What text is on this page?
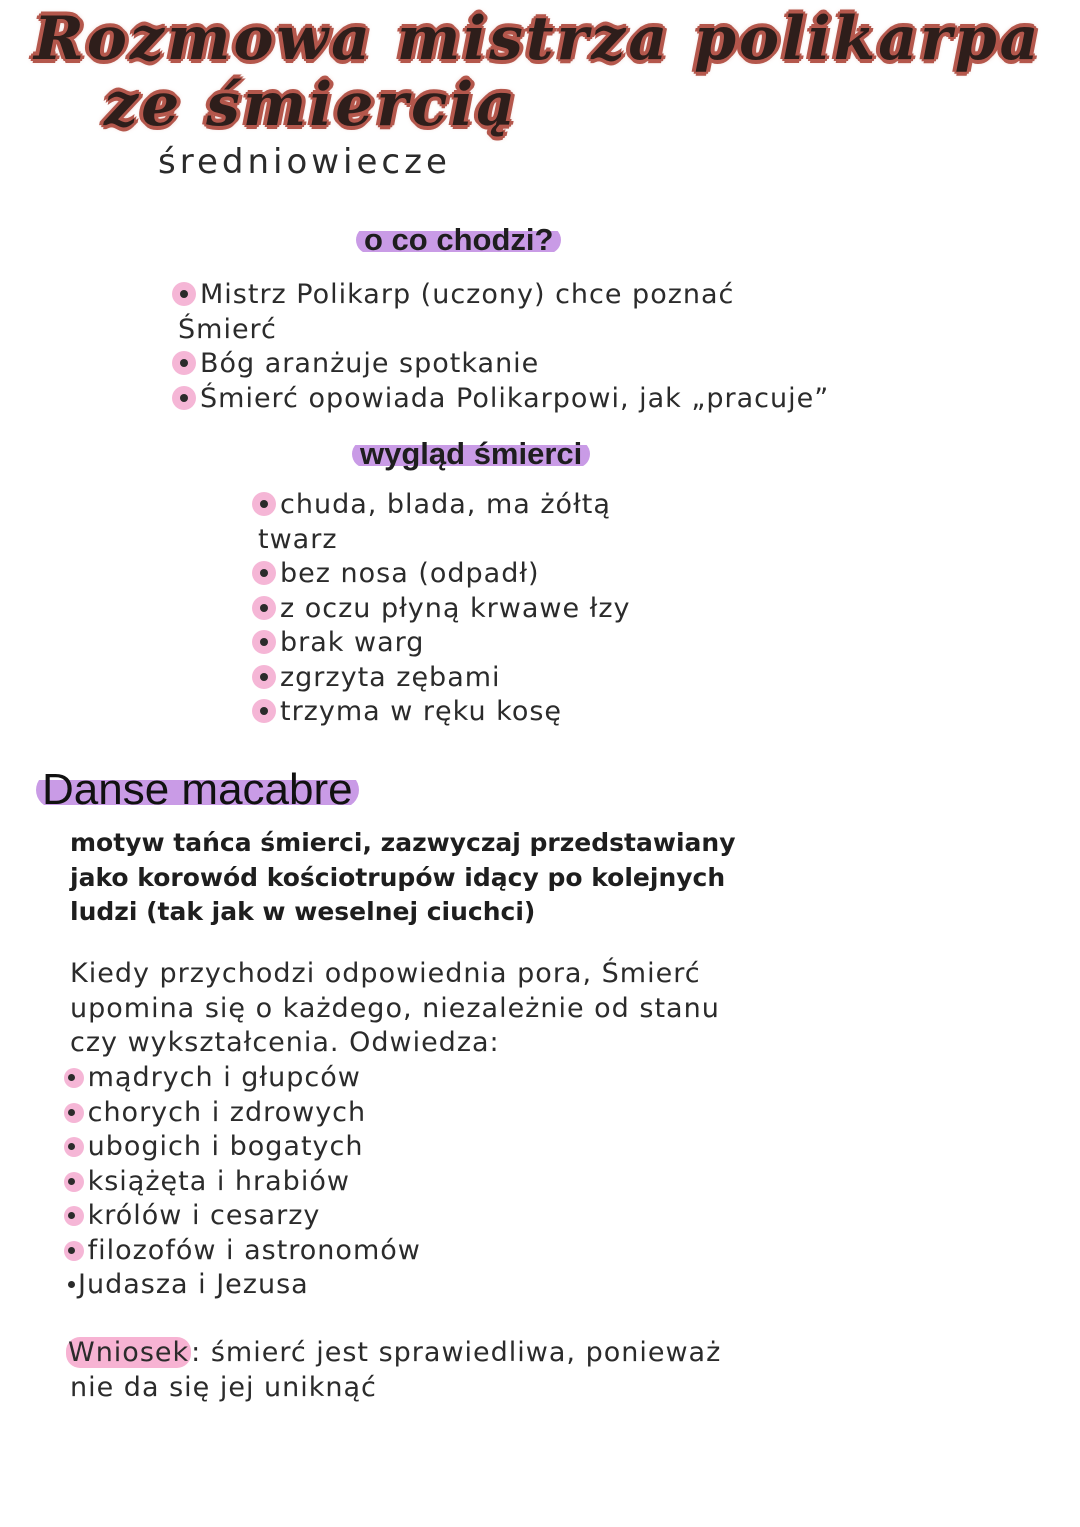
Rozmowa mistrza polikarpa
ze śmiercią
średniowiecze
o co chodzi?
Mistrz Polikarp (uczony) chce poznać
Śmierć
Bóg aranżuje spotkanie
Śmierć opowiada Polikarpowi, jak „pracuje”
wygląd śmierci
chuda, blada, ma żółtą
twarz
bez nosa (odpadł)
z oczu płyną krwawe łzy
brak warg
zgrzyta zębami
trzyma w ręku kosę
Danse macabre
motyw tańca śmierci, zazwyczaj przedstawiany
jako korowód kościotrupów idący po kolejnych
ludzi (tak jak w weselnej ciuchci)
Kiedy przychodzi odpowiednia pora, Śmierć
upomina się o każdego, niezależnie od stanu
czy wykształcenia. Odwiedza:
mądrych i głupców
chorych i zdrowych
ubogich i bogatych
książęta i hrabiów
królów i cesarzy
filozofów i astronomów
Judasza i Jezusa
Wniosek: śmierć jest sprawiedliwa, ponieważ
nie da się jej uniknąć
